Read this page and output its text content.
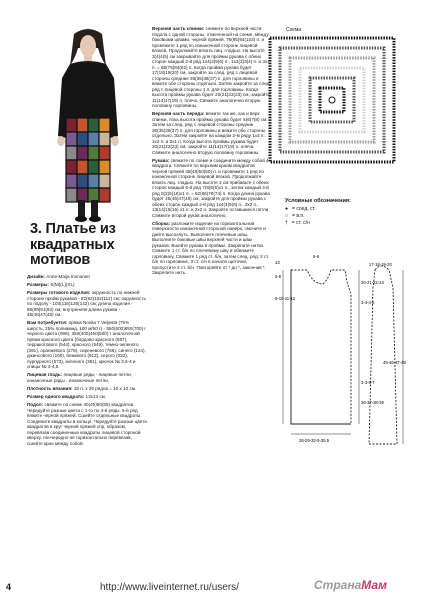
3. Платье из квадратных мотивов

Дизайн: Anne-Maija Immonen

Размеры: S(M)(L)(XL)

Размеры готового изделия: окружность по нижней стороне пройм рукавов - 82(92)102(112) см; окружность по подолу - 104(116)130(142) см; длина изделия - 88(89)91(93) см; внутренняя длина рукава - 45(46)47(48) см.

Вам потребуется: пряжа Novita 7 Veljestä (75% шерсть, 25% полиамид, 100 м/50 г) - 550(600)650(700) г черного цвета (099), 350(400)450(500) г аналогичной пряжи красного цвета (бордово-красного (587), терракотового (544), красного (549), темно-зеленого (391), оранжевого (278), сиреневого (766), синего (124), джинсового (160), бежевого (612), серого (032), пурпурного (573), зеленого (381), крючок № 3,5-4 и спицы № 4-4,5.

Лицевая гладь: лицевые ряды - лицевые петли, изнаночные ряды - изнаночные петли.

Плотность вязания: 18 п. х 26 рядов = 10 х 10 см.

Размер одного квадрата: 13х13 см.

Подол: свяжите по схеме 40(45)50(55) квадратов. Чередуйте разные цвета с 1-го по 4-й ряды. 5-й ряд вяжите черной пряжей. Сшейте отдельные квадраты. Соедините квадраты в кольцо. Чередуйте разные цвета квадратов в круг черной пряжей спр, образом, перевязав соединенные квадраты лицевой стороной кверху, поочередно не горизонтально перевязав, сшейте края между собой.

Верхняя часть спинки: снимите по верхней части подола с одной стороны, отмеченной на схеме, между боковыми швами, черной пряжей, 76(85)94(103) п. и провяжите 1 ряд по изнаночной стороне лицевой вязкой. Продолжайте вязать лиц. гладью. На высоте 3(4)4(5) см закрывайте для проймы рукава с обеих сторон каждый 2-й ряд 1х4(4)5(6) п., 1х3(3)3(4) п. и 3х1 п. = 68(76)84(92) п. Когда пройма рукава будет 17(18)19(20) см, закройте за след. ряд с лицевой стороны средние 36(35)36(37) п. для горловины и вяжите обе стороны отдельно. Затем закройте за след. ряд с лицевой стороны 1 п. для горловины. Когда высота проймы рукава будет 20(21)22(23) см, закройте 11(14)17(19) п. плеча. Свяжите аналогично вторую половину горловины.

Верхняя часть переда: вяжите так же, как и верх спинки, пока высота проймы рукава будет 5(6)7(8) см. Затем за след. ряд с лицевой стороны средние 36(35)36(37) п. для горловины и вяжите обе стороны отдельно. Затем закройте на каждом 2-м ряду 1х4 п., 1х2 п. и 2х1 п. Когда высота проймы рукава будет 20(21)22(23) см, закройте 11(14)17(19) п. плеча. Свяжите аналогично вторую половину горловины.

Рукава: свяжите по схеме и соедините между собой 4 квадрата. Свяжите по верхним краям квадратов черной пряжей 48(48)50(50) п. и провяжите 1 ряд по изнаночной стороне лицевой вязкой. Продолжайте вязать лиц. гладью. На высоте 2 см прибавьте с обеих сторон каждый 6-й ряд 7(6)6(5)х1 п., затем каждый 4-й ряд 0(3)5(10)х1 п. = 62(66)70(74) п. Когда длина рукава будет 45(46)47(48) см, закройте для проймы рукава с обеих сторон каждый 2-й ряд 1х4(4)5(6) п., 3х2 п., 13(14)15(16) х1 п. и 2х2 п. Закройте оставшиеся петли. Свяжите второй рукав аналогично.

Сборка: разложите изделие на горизонтальной поверхности изнаночной стороной наверх, смочите и дайте высохнуть. Выполните плечевые швы. Выполните боковые швы верхней части и швы рукавов. Вшейте рукава в проймы. Закрепите нитки. Свяжите 1 ст. б/н по плечевому шву и обвяжите горловину. Свяжите 1 ряд ст. б/н, затем след. ряд: 2 ст. б/н по горловине, 3 ст. с/н в начало щеточки, пропустите 2 ст. б/н. Повторяйте от * до *, закончив *. Закрепите нить.

Схема
Условные обозначения:
● = соед. ст.
○ = в.п.
† = ст. с/н
17-18-19-20
5-6
13
5-6
9-10-11-12
26-29-32-5-35.5
20-21-22-23
3-4-4-5
45-46-47-48
3-3-6-7
36-37-38-39
4	http://www.liveinternet.ru/users/	СтранаМам
